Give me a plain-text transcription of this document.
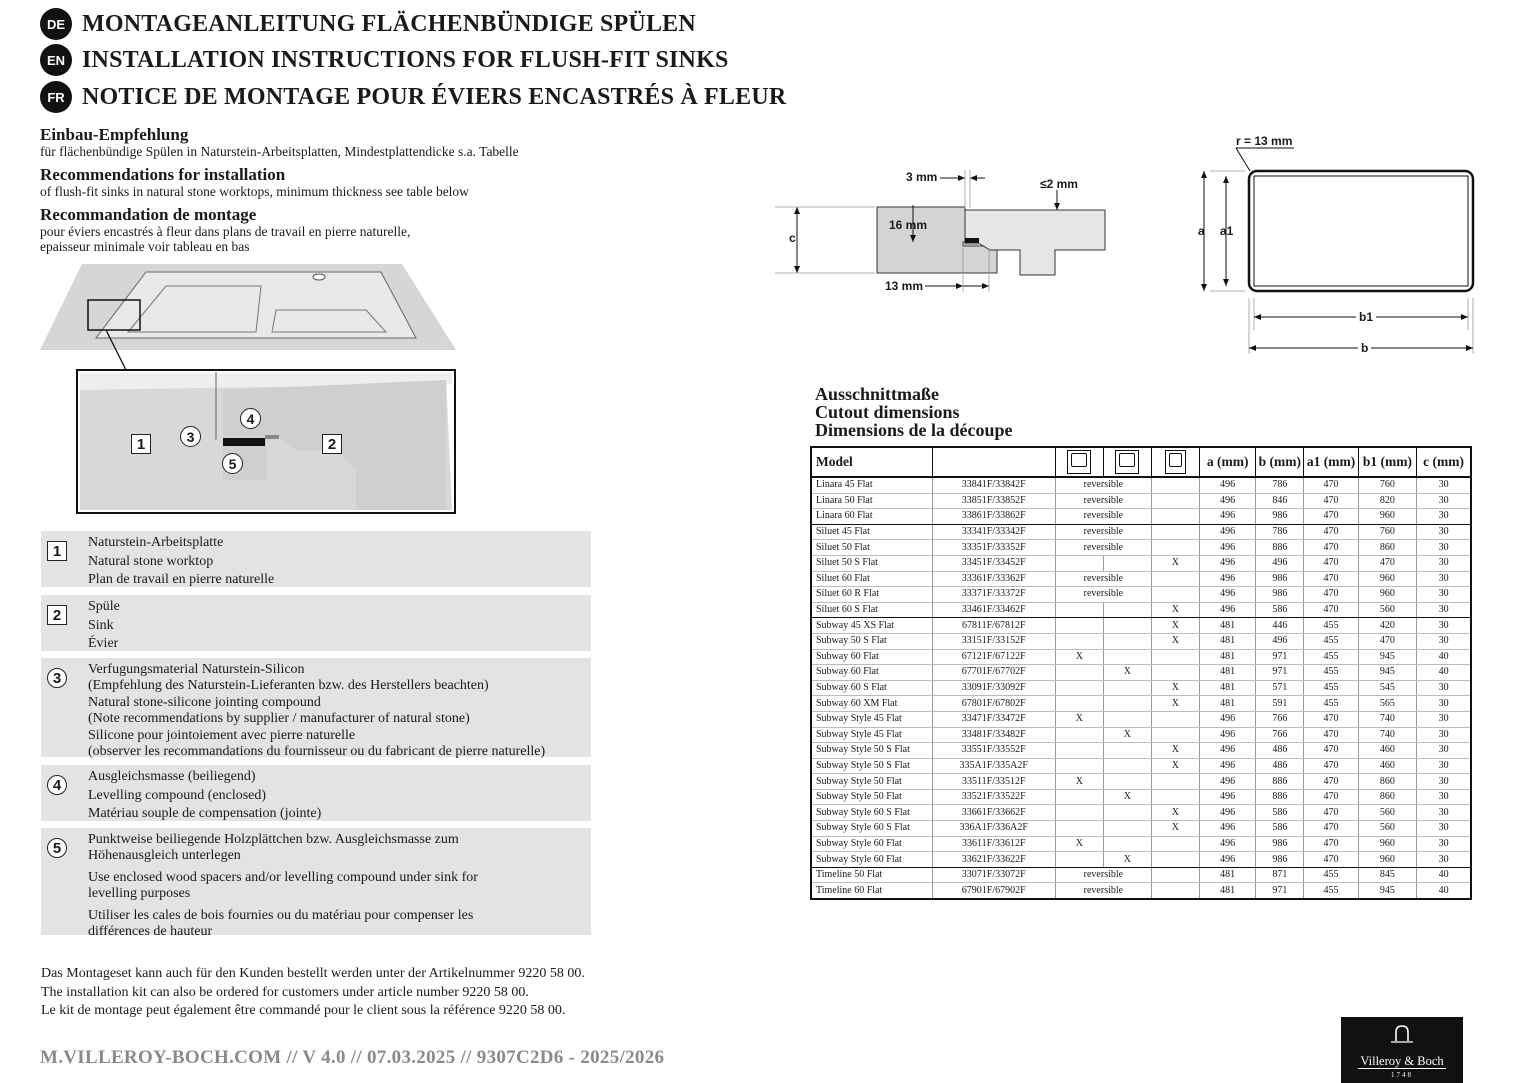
DE MONTAGEANLEITUNG FLÄCHENBÜNDIGE SPÜLEN
EN INSTALLATION INSTRUCTIONS FOR FLUSH-FIT SINKS
FR NOTICE DE MONTAGE POUR ÉVIERS ENCASTRÉS À FLEUR
Einbau-Empfehlung
für flächenbündige Spülen in Naturstein-Arbeitsplatten, Mindestplattendicke s.a. Tabelle
Recommendations for installation
of flush-fit sinks in natural stone worktops, minimum thickness see table below
Recommandation de montage
pour éviers encastrés à fleur dans plans de travail en pierre naturelle,
epaisseur minimale voir tableau en bas
1	2
3
4
5
1	Naturstein-Arbeitsplatte
Natural stone worktop
Plan de travail en pierre naturelle
2	Spüle
Sink
Évier
3	Verfugungsmaterial Naturstein-Silicon
(Empfehlung des Naturstein-Lieferanten bzw. des Herstellers beachten)
Natural stone-silicone jointing compound
(Note recommendations by supplier / manufacturer of natural stone)
Silicone pour jointoiement avec pierre naturelle
(observer les recommandations du fournisseur ou du fabricant de pierre naturelle)
4	Ausgleichsmasse (beiliegend)
Levelling compound (enclosed)
Matériau souple de compensation (jointe)
5	Punktweise beiliegende Holzplättchen bzw. Ausgleichsmasse zum
Höhenausgleich unterlegen
Use enclosed wood spacers and/or levelling compound under sink for
levelling purposes
Utiliser les cales de bois fournies ou du matériau pour compenser les
différences de hauteur
Das Montageset kann auch für den Kunden bestellt werden unter der Artikelnummer 9220 58 00.
The installation kit can also be ordered for customers under article number 9220 58 00.
Le kit de montage peut également être commandé pour le client sous la référence 9220 58 00.
M.VILLEROY-BOCH.COM // V 4.0 // 07.03.2025 // 9307C2D6 - 2025/2026	Villeroy & Boch
1748
3 mm	≤2 mm
16 mm
c
13 mm
r = 13 mm
a a1
b1
b
Ausschnittmaße
Cutout dimensions
Dimensions de la découpe
Model					a (mm)	b (mm)	a1 (mm)	b1 (mm)	c (mm)
Linara 45 Flat	33841F/33842F	reversible			496	786	470	760	30
Linara 50 Flat	33851F/33852F	reversible			496	846	470	820	30
Linara 60 Flat	33861F/33862F	reversible			496	986	470	960	30
Siluet 45 Flat	33341F/33342F	reversible			496	786	470	760	30
Siluet 50 Flat	33351F/33352F	reversible			496	886	470	860	30
Siluet 50 S Flat	33451F/33452F			X	496	496	470	470	30
Siluet 60 Flat	33361F/33362F	reversible			496	986	470	960	30
Siluet 60 R Flat	33371F/33372F	reversible			496	986	470	960	30
Siluet 60 S Flat	33461F/33462F			X	496	586	470	560	30
Subway 45 XS Flat	67811F/67812F			X	481	446	455	420	30
Subway 50 S Flat	33151F/33152F			X	481	496	455	470	30
Subway 60 Flat	67121F/67122F	X			481	971	455	945	40
Subway 60 Flat	67701F/67702F		X		481	971	455	945	40
Subway 60 S Flat	33091F/33092F			X	481	571	455	545	30
Subway 60 XM Flat	67801F/67802F			X	481	591	455	565	30
Subway Style 45 Flat	33471F/33472F	X			496	766	470	740	30
Subway Style 45 Flat	33481F/33482F		X		496	766	470	740	30
Subway Style 50 S Flat	33551F/33552F			X	496	486	470	460	30
Subway Style 50 S Flat	335A1F/335A2F			X	496	486	470	460	30
Subway Style 50 Flat	33511F/33512F	X			496	886	470	860	30
Subway Style 50 Flat	33521F/33522F		X		496	886	470	860	30
Subway Style 60 S Flat	33661F/33662F			X	496	586	470	560	30
Subway Style 60 S Flat	336A1F/336A2F			X	496	586	470	560	30
Subway Style 60 Flat	33611F/33612F	X			496	986	470	960	30
Subway Style 60 Flat	33621F/33622F		X		496	986	470	960	30
Timeline 50 Flat	33071F/33072F	reversible			481	871	455	845	40
Timeline 60 Flat	67901F/67902F	reversible			481	971	455	945	40
